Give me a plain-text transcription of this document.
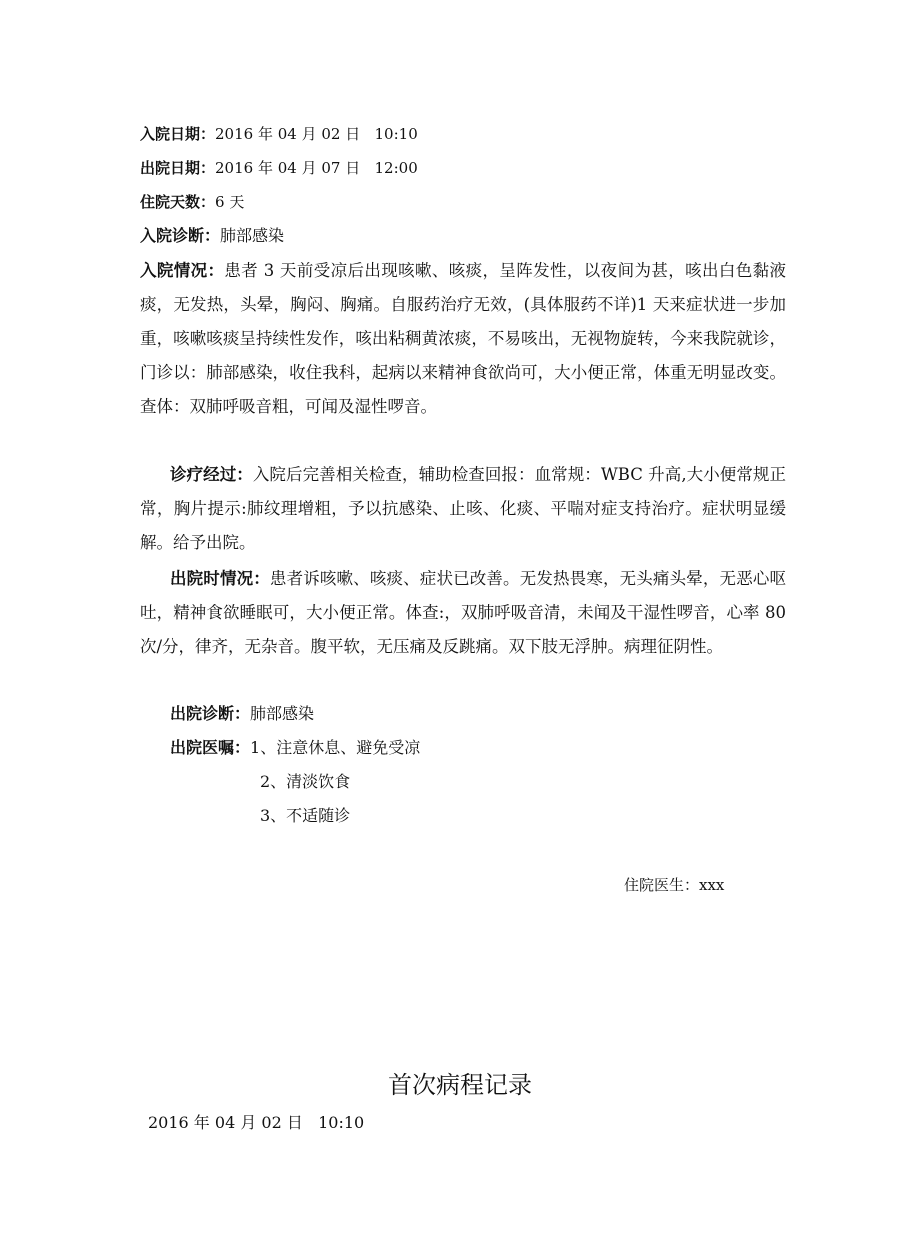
入院日期：2016 年 04 月 02 日   10:10
出院日期：2016 年 04 月 07 日   12:00
住院天数：6 天
入院诊断：肺部感染
入院情况：患者 3 天前受凉后出现咳嗽、咳痰，呈阵发性，以夜间为甚，咳出白色黏液痰，无发热，头晕，胸闷、胸痛。自服药治疗无效，(具体服药不详)1 天来症状进一步加重，咳嗽咳痰呈持续性发作，咳出粘稠黄浓痰，不易咳出，无视物旋转，今来我院就诊，门诊以：肺部感染，收住我科，起病以来精神食欲尚可，大小便正常，体重无明显改变。查体：双肺呼吸音粗，可闻及湿性啰音。
诊疗经过：入院后完善相关检查，辅助检查回报：血常规：WBC 升高,大小便常规正常，胸片提示:肺纹理增粗，予以抗感染、止咳、化痰、平喘对症支持治疗。症状明显缓解。给予出院。
出院时情况：患者诉咳嗽、咳痰、症状已改善。无发热畏寒，无头痛头晕，无恶心呕吐，精神食欲睡眠可，大小便正常。体查:，双肺呼吸音清，未闻及干湿性啰音，心率 80 次/分，律齐，无杂音。腹平软，无压痛及反跳痛。双下肢无浮肿。病理征阴性。
出院诊断：肺部感染
出院医嘱：1、注意休息、避免受凉
2、清淡饮食
3、不适随诊
住院医生：xxx
首次病程记录
2016 年 04 月 02 日   10:10
